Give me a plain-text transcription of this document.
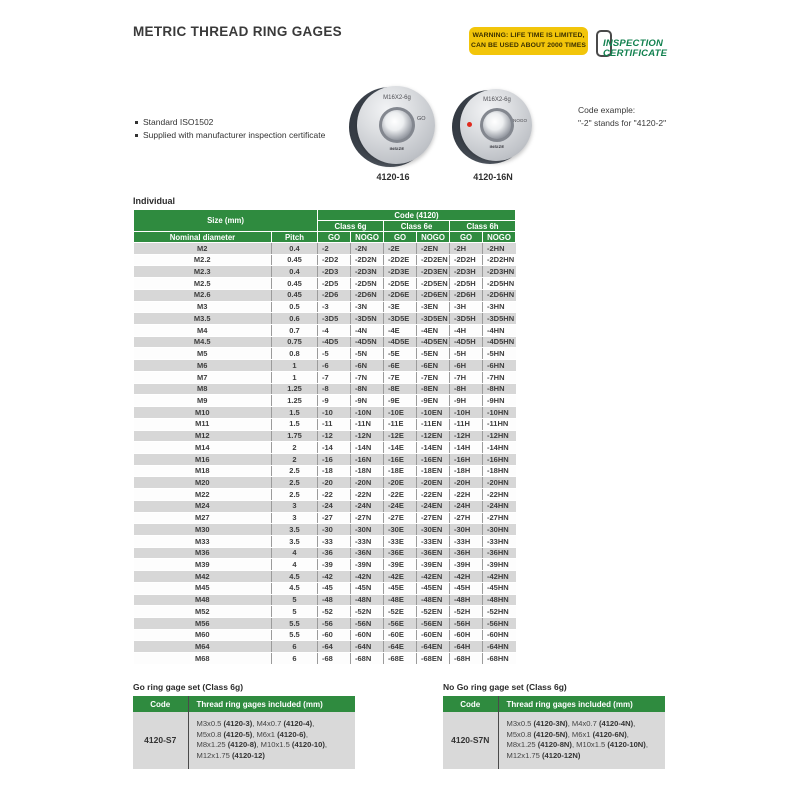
METRIC THREAD RING GAGES	WARNING: LIFE TIME IS LIMITED,
CAN BE USED ABOUT 2000 TIMES INSPECTION
CERTIFICATE
Standard ISO1502
Supplied with manufacturer inspection certificate
M16X2-6g
GO
INSIZE
4120-16
M16X2-6g
NOGO
INSIZE
4120-16N
Code example:
"-2" stands for "4120-2"
Individual
Size (mm)		Code (4120)					
		Class 6g		Class 6e		Class 6h	
Nominal diameter	Pitch	GO	NOGO	GO	NOGO	GO	NOGO
M2	0.4	-2	-2N	-2E	-2EN	-2H	-2HN
M2.2	0.45	-2D2	-2D2N	-2D2E	-2D2EN	-2D2H	-2D2HN
M2.3	0.4	-2D3	-2D3N	-2D3E	-2D3EN	-2D3H	-2D3HN
M2.5	0.45	-2D5	-2D5N	-2D5E	-2D5EN	-2D5H	-2D5HN
M2.6	0.45	-2D6	-2D6N	-2D6E	-2D6EN	-2D6H	-2D6HN
M3	0.5	-3	-3N	-3E	-3EN	-3H	-3HN
M3.5	0.6	-3D5	-3D5N	-3D5E	-3D5EN	-3D5H	-3D5HN
M4	0.7	-4	-4N	-4E	-4EN	-4H	-4HN
M4.5	0.75	-4D5	-4D5N	-4D5E	-4D5EN	-4D5H	-4D5HN
M5	0.8	-5	-5N	-5E	-5EN	-5H	-5HN
M6	1	-6	-6N	-6E	-6EN	-6H	-6HN
M7	1	-7	-7N	-7E	-7EN	-7H	-7HN
M8	1.25	-8	-8N	-8E	-8EN	-8H	-8HN
M9	1.25	-9	-9N	-9E	-9EN	-9H	-9HN
M10	1.5	-10	-10N	-10E	-10EN	-10H	-10HN
M11	1.5	-11	-11N	-11E	-11EN	-11H	-11HN
M12	1.75	-12	-12N	-12E	-12EN	-12H	-12HN
M14	2	-14	-14N	-14E	-14EN	-14H	-14HN
M16	2	-16	-16N	-16E	-16EN	-16H	-16HN
M18	2.5	-18	-18N	-18E	-18EN	-18H	-18HN
M20	2.5	-20	-20N	-20E	-20EN	-20H	-20HN
M22	2.5	-22	-22N	-22E	-22EN	-22H	-22HN
M24	3	-24	-24N	-24E	-24EN	-24H	-24HN
M27	3	-27	-27N	-27E	-27EN	-27H	-27HN
M30	3.5	-30	-30N	-30E	-30EN	-30H	-30HN
M33	3.5	-33	-33N	-33E	-33EN	-33H	-33HN
M36	4	-36	-36N	-36E	-36EN	-36H	-36HN
M39	4	-39	-39N	-39E	-39EN	-39H	-39HN
M42	4.5	-42	-42N	-42E	-42EN	-42H	-42HN
M45	4.5	-45	-45N	-45E	-45EN	-45H	-45HN
M48	5	-48	-48N	-48E	-48EN	-48H	-48HN
M52	5	-52	-52N	-52E	-52EN	-52H	-52HN
M56	5.5	-56	-56N	-56E	-56EN	-56H	-56HN
M60	5.5	-60	-60N	-60E	-60EN	-60H	-60HN
M64	6	-64	-64N	-64E	-64EN	-64H	-64HN
M68	6	-68	-68N	-68E	-68EN	-68H	-68HN
Go ring gage set (Class 6g)
Code	Thread ring gages included (mm)
4120-S7	M3x0.5 (4120-3), M4x0.7 (4120-4),
M5x0.8 (4120-5), M6x1 (4120-6),
M8x1.25 (4120-8), M10x1.5 (4120-10),
M12x1.75 (4120-12)
No Go ring gage set (Class 6g)
Code	Thread ring gages included (mm)
4120-S7N	M3x0.5 (4120-3N), M4x0.7 (4120-4N),
M5x0.8 (4120-5N), M6x1 (4120-6N),
M8x1.25 (4120-8N), M10x1.5 (4120-10N),
M12x1.75 (4120-12N)
